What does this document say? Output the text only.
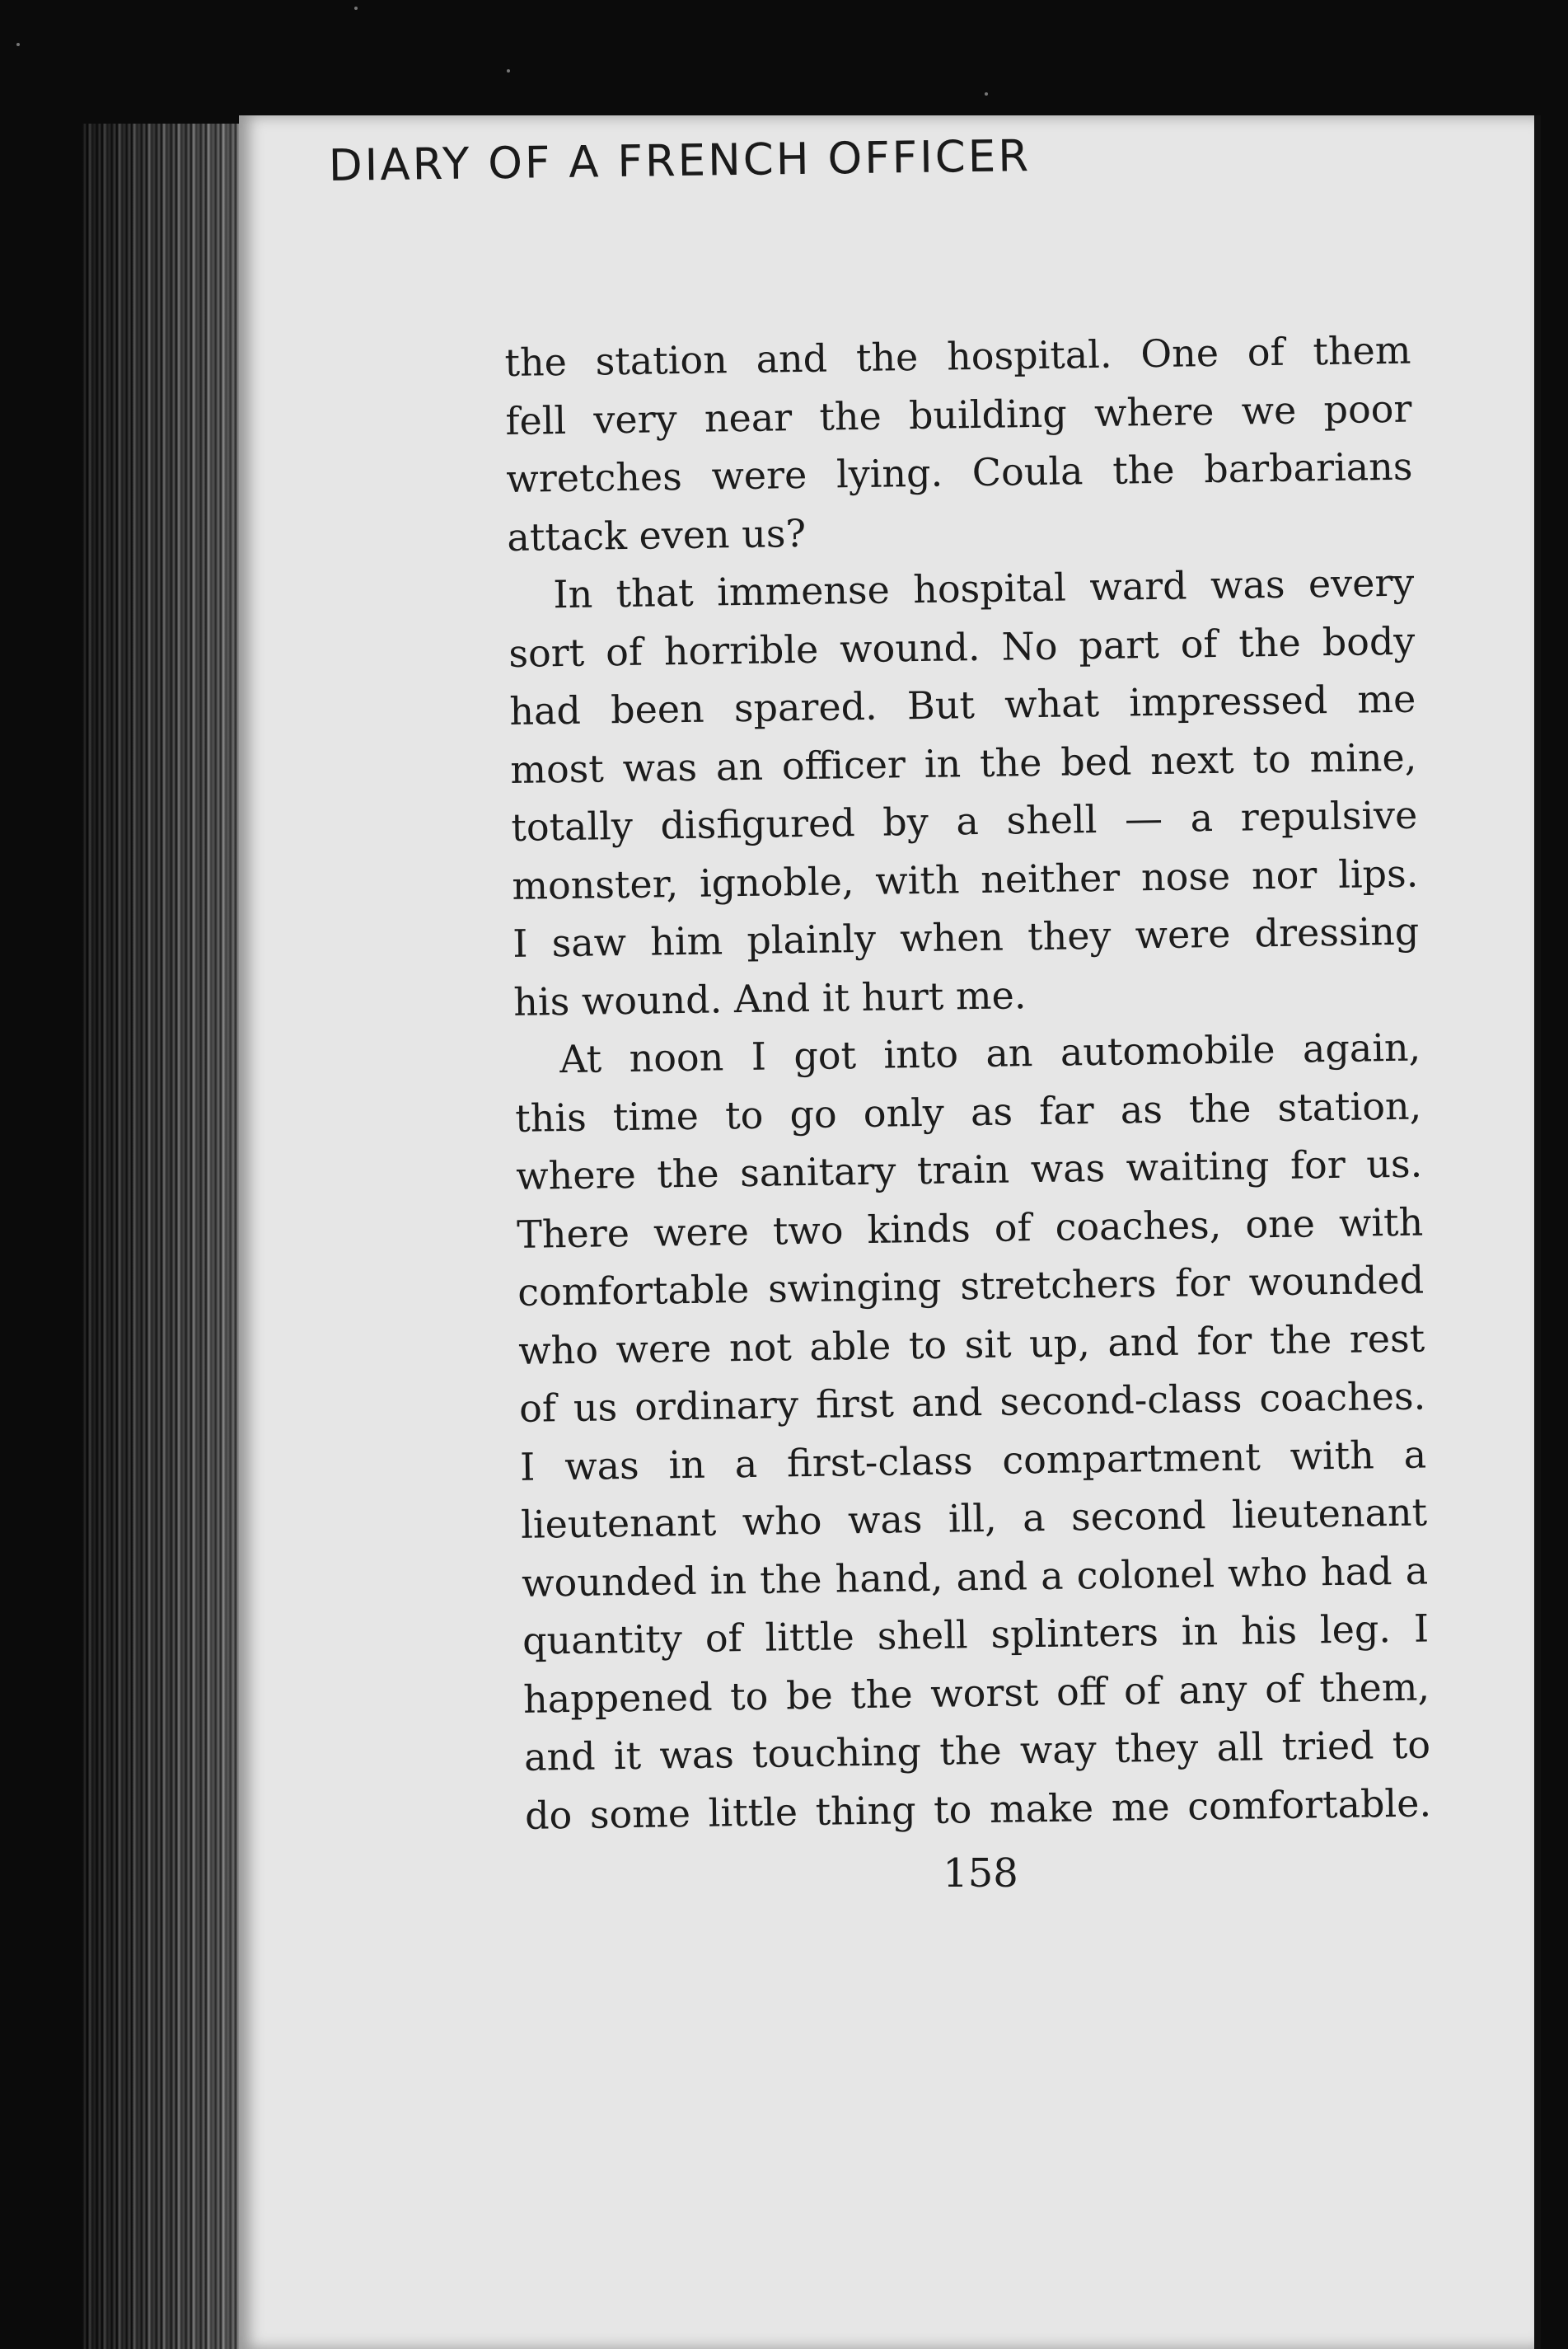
DIARY OF A FRENCH OFFICER
the station and the hospital. One of them
fell very near the building where we poor
wretches were lying. Coula the barbarians
attack even us?
In that immense hospital ward was every
sort of horrible wound. No part of the body
had been spared. But what impressed me
most was an officer in the bed next to mine,
totally disfigured by a shell — a repulsive
monster, ignoble, with neither nose nor lips.
I saw him plainly when they were dressing
his wound. And it hurt me.
At noon I got into an automobile again,
this time to go only as far as the station,
where the sanitary train was waiting for us.
There were two kinds of coaches, one with
comfortable swinging stretchers for wounded
who were not able to sit up, and for the rest
of us ordinary first and second-class coaches.
I was in a first-class compartment with a
lieutenant who was ill, a second lieutenant
wounded in the hand, and a colonel who had a
quantity of little shell splinters in his leg. I
happened to be the worst off of any of them,
and it was touching the way they all tried to
do some little thing to make me comfortable.
158
